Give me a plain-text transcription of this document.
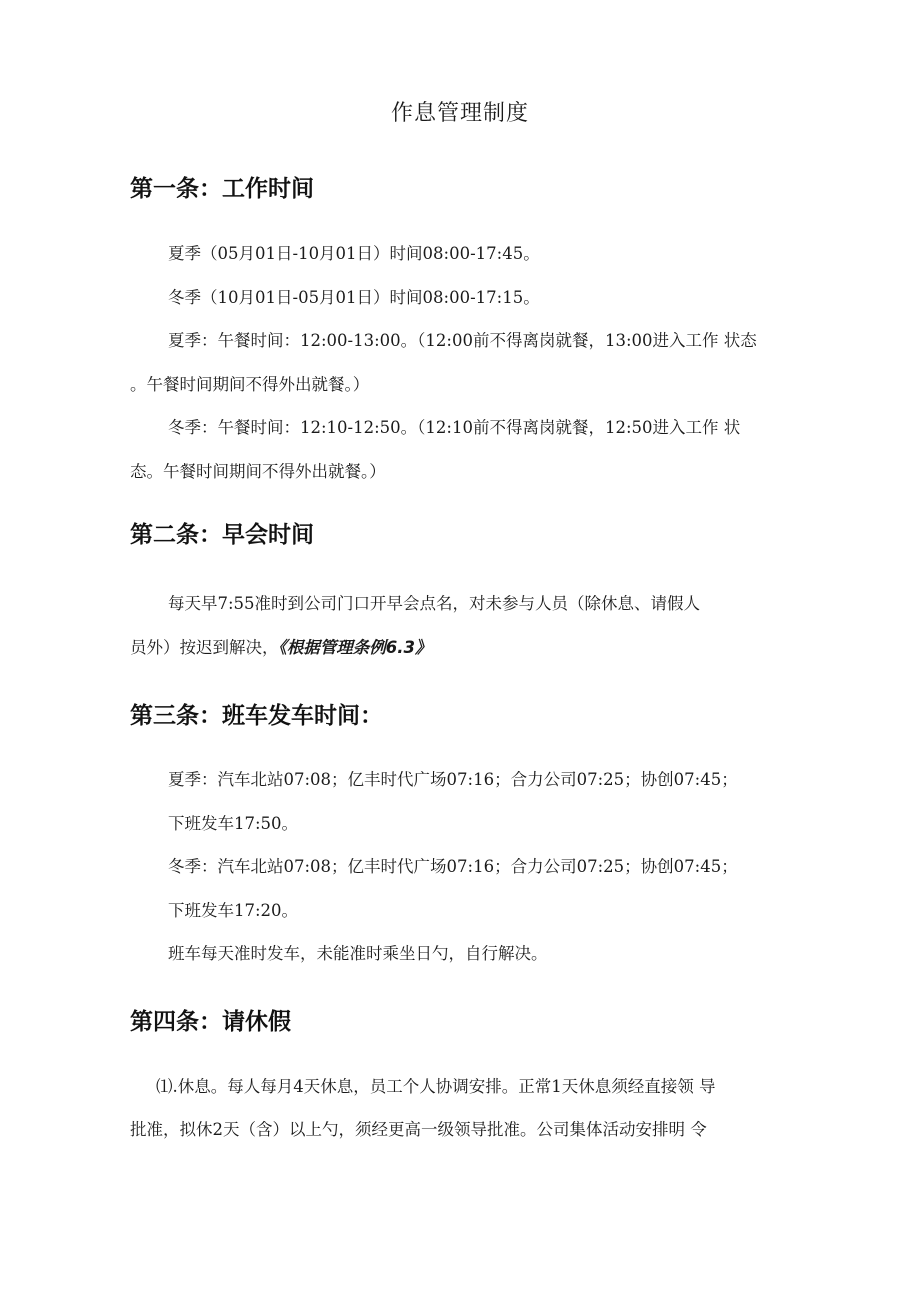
作息管理制度
第一条：工作时间
夏季（05月01日-10月01日）时间08:00-17:45。
冬季（10月01日-05月01日）时间08:00-17:15。
夏季：午餐时间：12:00-13:00。（12:00前不得离岗就餐，13:00进入工作 状态
。午餐时间期间不得外出就餐。）
冬季：午餐时间：12:10-12:50。（12:10前不得离岗就餐，12:50进入工作 状
态。午餐时间期间不得外出就餐。）
第二条：早会时间
每天早7:55准时到公司门口开早会点名，对未参与人员（除休息、请假人
员外）按迟到解决，《根据管理条例6.3》
第三条：班车发车时间：
夏季：汽车北站07:08；亿丰时代广场07:16；合力公司07:25；协创07:45；
下班发车17:50。
冬季：汽车北站07:08；亿丰时代广场07:16；合力公司07:25；协创07:45；
下班发车17:20。
班车每天准时发车，未能准时乘坐日勺，自行解决。
第四条：请休假
⑴.休息。每人每月4天休息，员工个人协调安排。正常1天休息须经直接领 导
批准，拟休2天（含）以上勺，须经更高一级领导批准。公司集体活动安排明 令
